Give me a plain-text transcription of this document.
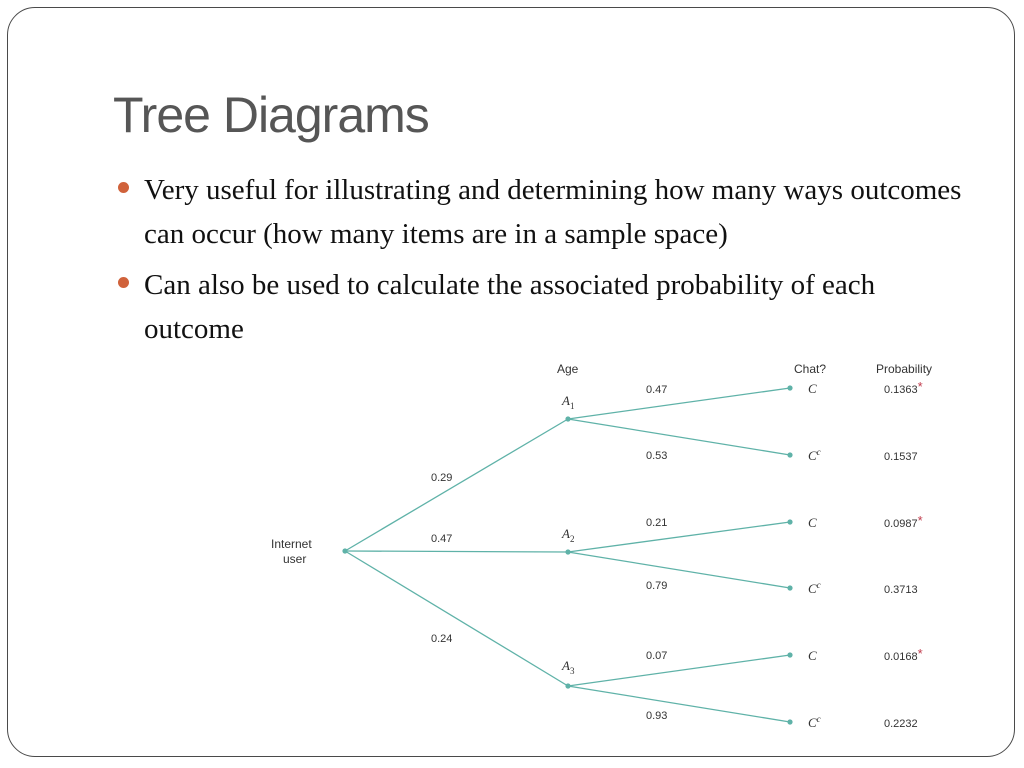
Tree Diagrams
Very useful for illustrating and determining how many ways outcomes can occur (how many items are in a sample space)
Can also be used to calculate the associated probability of each outcome
Age	Chat?	Probability
Internet
user
0.29
$A_1$
0.47	C	0.1363*
0.53	$C^c$	0.1537
0.47	$A_2$
0.21	C	0.0987*
0.79	$C^c$	0.3713
0.24
$A_3$
0.07	C	0.0168*
0.93	$C^c$	0.2232
